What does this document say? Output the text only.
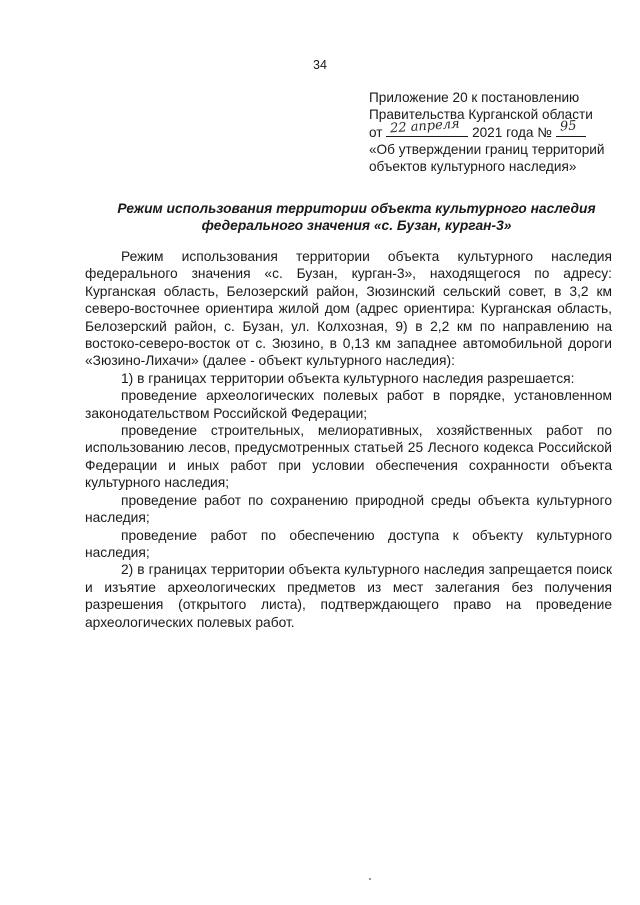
34
Приложение 20 к постановлению
Правительства Курганской области
от 22 апреля 2021 года № 95
«Об утверждении границ территорий
объектов культурного наследия»
Режим использования территории объекта культурного наследия
федерального значения «с. Бузан, курган-3»

Режим использования территории объекта культурного наследия федерального значения «с. Бузан, курган-3», находящегося по адресу: Курганская область, Белозерский район, Зюзинский сельский совет, в 3,2 км северо-восточнее ориентира жилой дом (адрес ориентира: Курганская область, Белозерский район, с. Бузан, ул. Колхозная, 9) в 2,2 км по направлению на востоко-северо-восток от с. Зюзино, в 0,13 км западнее автомобильной дороги «Зюзино-Лихачи» (далее - объект культурного наследия):

1) в границах территории объекта культурного наследия разрешается:

проведение археологических полевых работ в порядке, установленном законодательством Российской Федерации;

проведение строительных, мелиоративных, хозяйственных работ по использованию лесов, предусмотренных статьей 25 Лесного кодекса Российской Федерации и иных работ при условии обеспечения сохранности объекта культурного наследия;

проведение работ по сохранению природной среды объекта культурного наследия;

проведение работ по обеспечению доступа к объекту культурного наследия;

2) в границах территории объекта культурного наследия запрещается поиск и изъятие археологических предметов из мест залегания без получения разрешения (открытого листа), подтверждающего право на проведение археологических полевых работ.
